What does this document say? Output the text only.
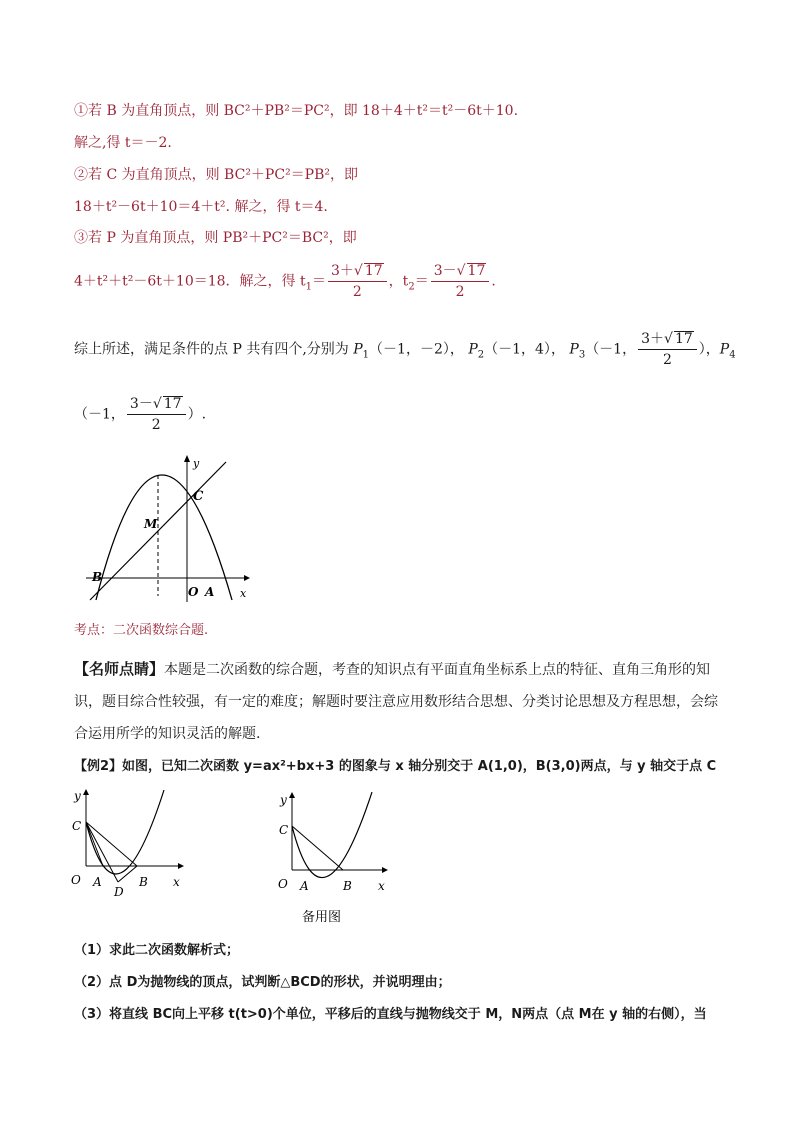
①若 B 为直角顶点，则 BC²＋PB²＝PC²，即 18＋4＋t²＝t²－6t＋10.
解之,得 t＝－2.
②若 C 为直角顶点，则 BC²＋PC²＝PB²，即
18＋t²－6t＋10＝4＋t². 解之，得 t＝4.
③若 P 为直角顶点，则 PB²＋PC²＝BC²，即
4＋t²＋t²－6t＋10＝18．解之，得 $t_1= \frac{3+√ 17}{2}$ ，$t_2= \frac{3-√ 17}{2}$ .
综上所述，满足条件的点 P 共有四个,分别为 $P_1(-1$，－2）， $P_2(-1$，4）， $P_3(-1$， $\frac{3+√ 17}{2}$ ），$P_4$
（－1， $\frac{3-√ 17}{2}$ ）.
y
x
C
M
B
O A
考点：二次函数综合题.
【名师点睛】本题是二次函数的综合题，考查的知识点有平面直角坐标系上点的特征、直角三角形的知识，题目综合性较强，有一定的难度；解题时要注意应用数形结合思想、分类讨论思想及方程思想，会综合运用所学的知识灵活的解题.
【例2】如图，已知二次函数 y=ax²+bx+3 的图象与 x 轴分别交于 A(1,0)，B(3,0)两点，与 y 轴交于点 C
y
C
O A
D
B x
y
C
O A	B x
备用图
（1）求此二次函数解析式；
（2）点 D为抛物线的顶点，试判断△BCD的形状，并说明理由；
（3）将直线 BC向上平移 t(t>0)个单位，平移后的直线与抛物线交于 M，N两点（点 M在 y 轴的右侧），当
